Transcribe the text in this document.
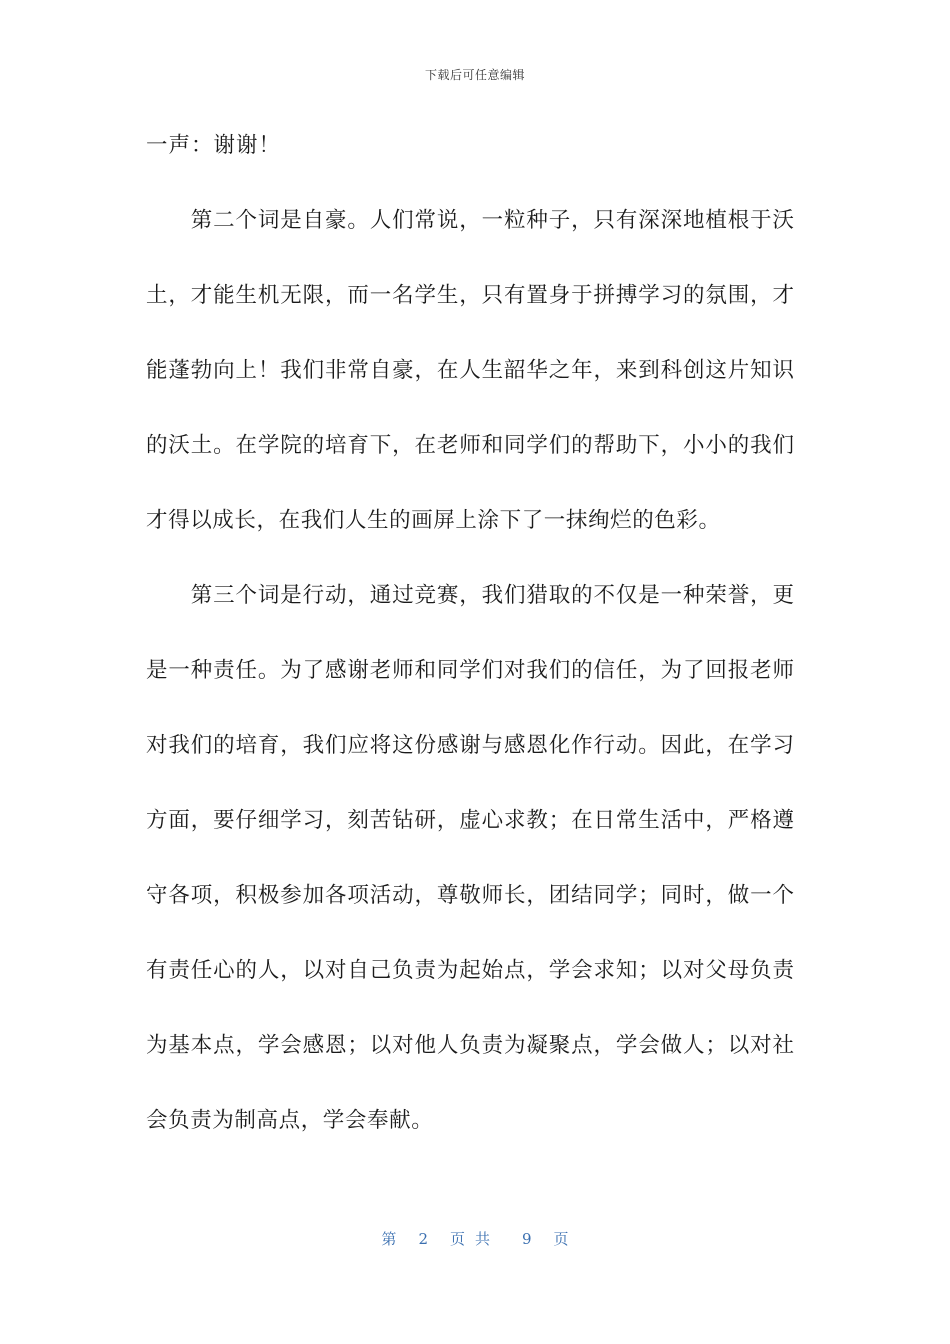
下载后可任意编辑
一声：谢谢！
　　第二个词是自豪。人们常说，一粒种子，只有深深地植根于沃
土，才能生机无限，而一名学生，只有置身于拼搏学习的氛围，才
能蓬勃向上！我们非常自豪，在人生韶华之年，来到科创这片知识
的沃土。在学院的培育下，在老师和同学们的帮助下，小小的我们
才得以成长，在我们人生的画屏上涂下了一抹绚烂的色彩。
　　第三个词是行动，通过竞赛，我们猎取的不仅是一种荣誉，更
是一种责任。为了感谢老师和同学们对我们的信任，为了回报老师
对我们的培育，我们应将这份感谢与感恩化作行动。因此，在学习
方面，要仔细学习，刻苦钻研，虚心求教；在日常生活中，严格遵
守各项，积极参加各项活动，尊敬师长，团结同学；同时，做一个
有责任心的人，以对自己负责为起始点，学会求知；以对父母负责
为基本点，学会感恩；以对他人负责为凝聚点，学会做人；以对社
会负责为制高点，学会奉献。
第 2 页共 9 页
